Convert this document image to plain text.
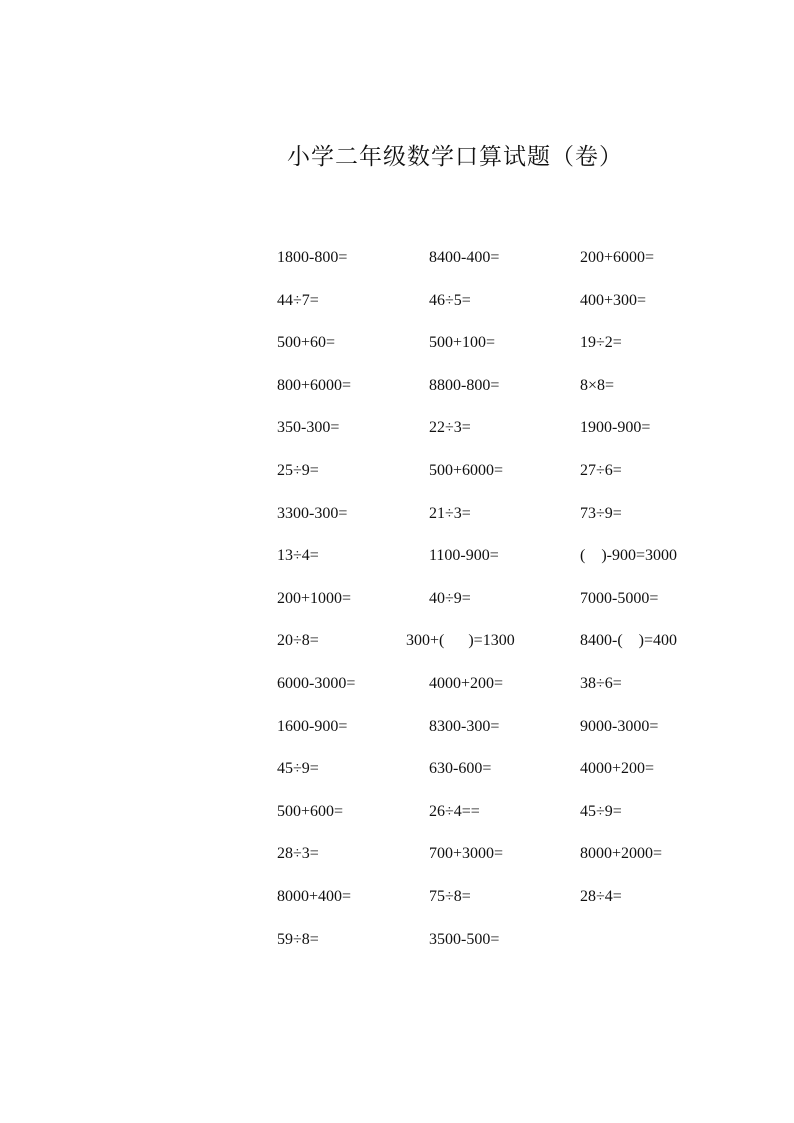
小学二年级数学口算试题（卷）
1800-800=	8400-400=	200+6000=
44÷7=	46÷5=	400+300=
500+60=	500+100=	19÷2=
800+6000=	8800-800=	8×8=
350-300=	22÷3=	1900-900=
25÷9=	500+6000=	27÷6=
3300-300=	21÷3=	73÷9=
13÷4=	1100-900=	(    )-900=3000
200+1000=	40÷9=	7000-5000=
20÷8=	300+(      )=1300	8400-(    )=400
6000-3000=	4000+200=	38÷6=
1600-900=	8300-300=	9000-3000=
45÷9=	630-600=	4000+200=
500+600=	26÷4==	45÷9=
28÷3=	700+3000=	8000+2000=
8000+400=	75÷8=	28÷4=
59÷8=	3500-500=
